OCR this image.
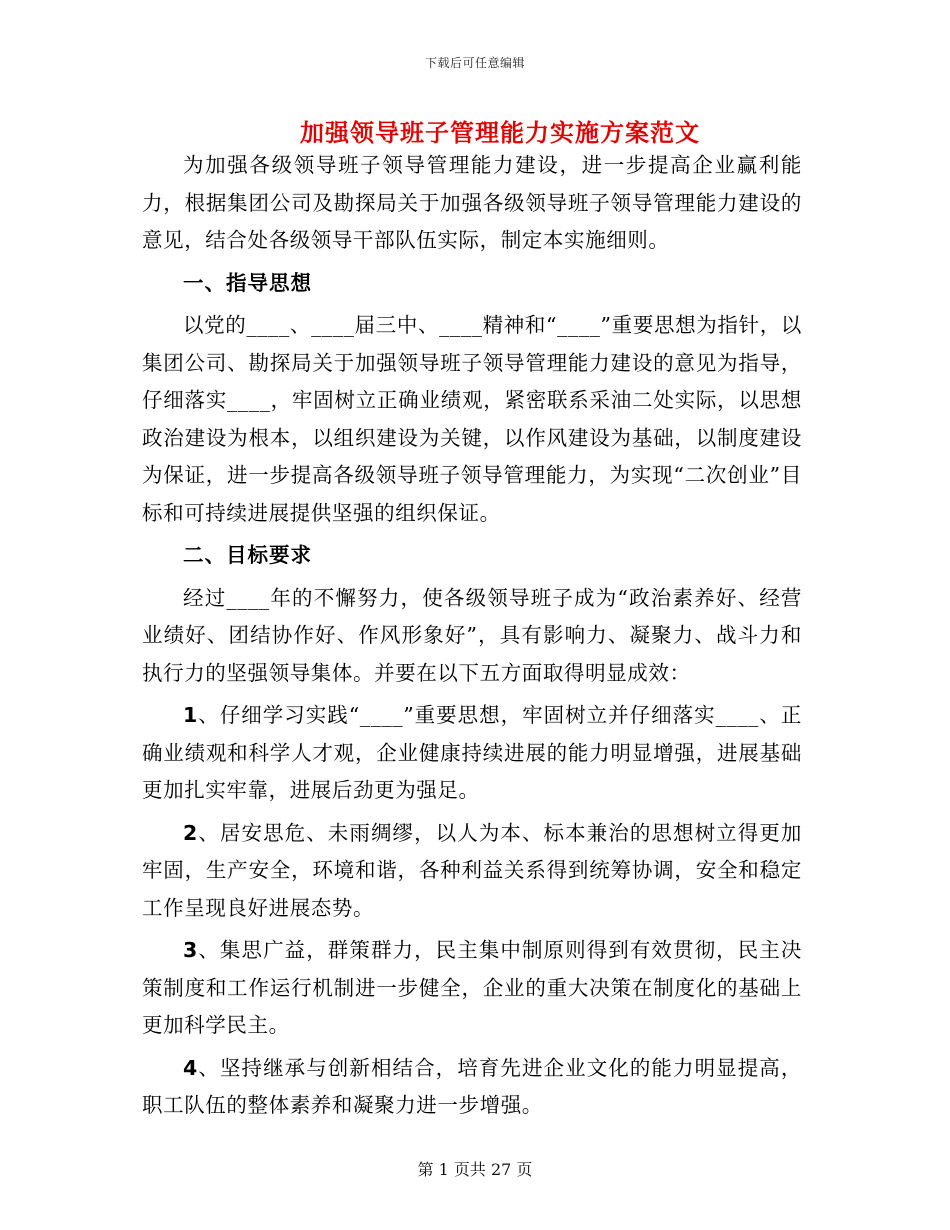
下载后可任意编辑
加强领导班子管理能力实施方案范文

为加强各级领导班子领导管理能力建设，进一步提高企业赢利能力，根据集团公司及勘探局关于加强各级领导班子领导管理能力建设的意见，结合处各级领导干部队伍实际，制定本实施细则。

一、指导思想

以党的____、____届三中、____精神和“____”重要思想为指针，以集团公司、勘探局关于加强领导班子领导管理能力建设的意见为指导，仔细落实____，牢固树立正确业绩观，紧密联系采油二处实际，以思想政治建设为根本，以组织建设为关键，以作风建设为基础，以制度建设为保证，进一步提高各级领导班子领导管理能力，为实现“二次创业”目标和可持续进展提供坚强的组织保证。

二、目标要求

经过____年的不懈努力，使各级领导班子成为“政治素养好、经营业绩好、团结协作好、作风形象好”，具有影响力、凝聚力、战斗力和执行力的坚强领导集体。并要在以下五方面取得明显成效：

1、仔细学习实践“____”重要思想，牢固树立并仔细落实____、正确业绩观和科学人才观，企业健康持续进展的能力明显增强，进展基础更加扎实牢靠，进展后劲更为强足。

2、居安思危、未雨绸缪，以人为本、标本兼治的思想树立得更加牢固，生产安全，环境和谐，各种利益关系得到统筹协调，安全和稳定工作呈现良好进展态势。

3、集思广益，群策群力，民主集中制原则得到有效贯彻，民主决策制度和工作运行机制进一步健全，企业的重大决策在制度化的基础上更加科学民主。

4、坚持继承与创新相结合，培育先进企业文化的能力明显提高，职工队伍的整体素养和凝聚力进一步增强。

第 1 页共 27 页
